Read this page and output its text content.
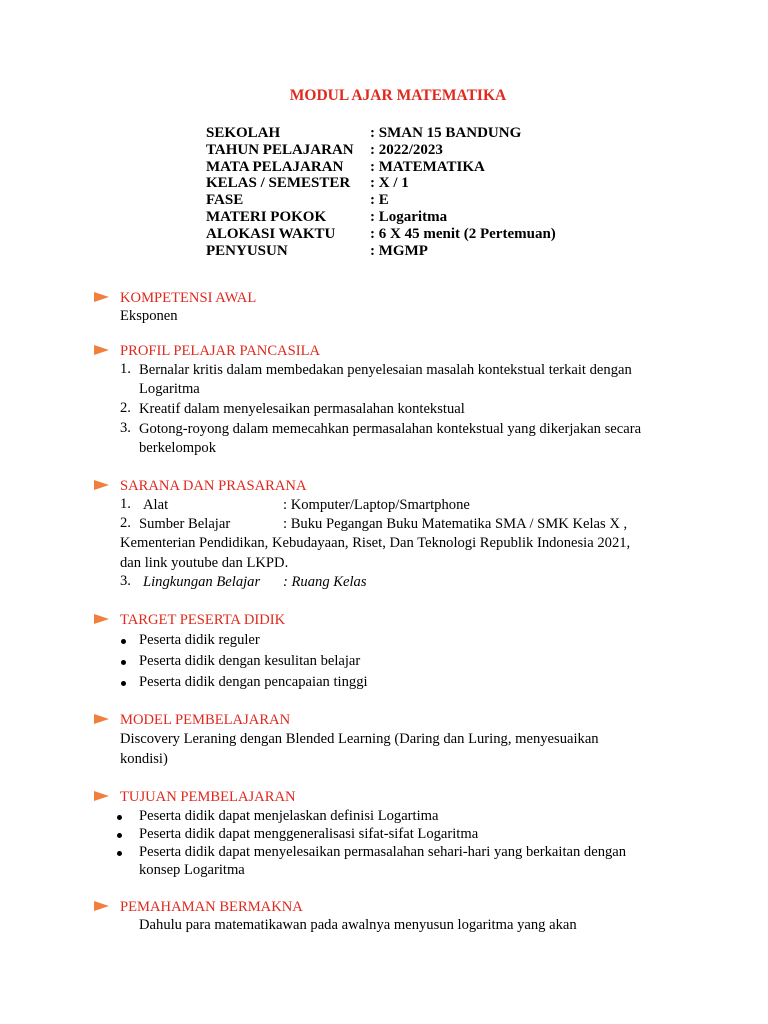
MODUL AJAR MATEMATIKA
SEKOLAH	: SMAN 15 BANDUNG
TAHUN PELAJARAN	: 2022/2023
MATA PELAJARAN	: MATEMATIKA
KELAS / SEMESTER	: X / 1
FASE	: E
MATERI POKOK	: Logaritma
ALOKASI WAKTU	: 6 X 45 menit (2 Pertemuan)
PENYUSUN	: MGMP
KOMPETENSI AWAL
Eksponen
PROFIL PELAJAR PANCASILA
1. Bernalar kritis dalam membedakan penyelesaian masalah kontekstual terkait dengan
Logaritma
2. Kreatif dalam menyelesaikan permasalahan kontekstual
3. Gotong-royong dalam memecahkan permasalahan kontekstual yang dikerjakan secara
berkelompok
SARANA DAN PRASARANA
1. Alat	: Komputer/Laptop/Smartphone
2. Sumber Belajar	: Buku Pegangan Buku Matematika SMA / SMK Kelas X ,
Kementerian Pendidikan, Kebudayaan, Riset, Dan Teknologi Republik Indonesia 2021,
dan link youtube dan LKPD.
3. Lingkungan Belajar : Ruang Kelas
TARGET PESERTA DIDIK
Peserta didik reguler
Peserta didik dengan kesulitan belajar
Peserta didik dengan pencapaian tinggi
MODEL PEMBELAJARAN
Discovery Leraning dengan Blended Learning (Daring dan Luring, menyesuaikan
kondisi)
TUJUAN PEMBELAJARAN
Peserta didik dapat menjelaskan definisi Logartima
Peserta didik dapat menggeneralisasi sifat-sifat Logaritma
Peserta didik dapat menyelesaikan permasalahan sehari-hari yang berkaitan dengan
konsep Logaritma
PEMAHAMAN BERMAKNA
Dahulu para matematikawan pada awalnya menyusun logaritma yang akan
